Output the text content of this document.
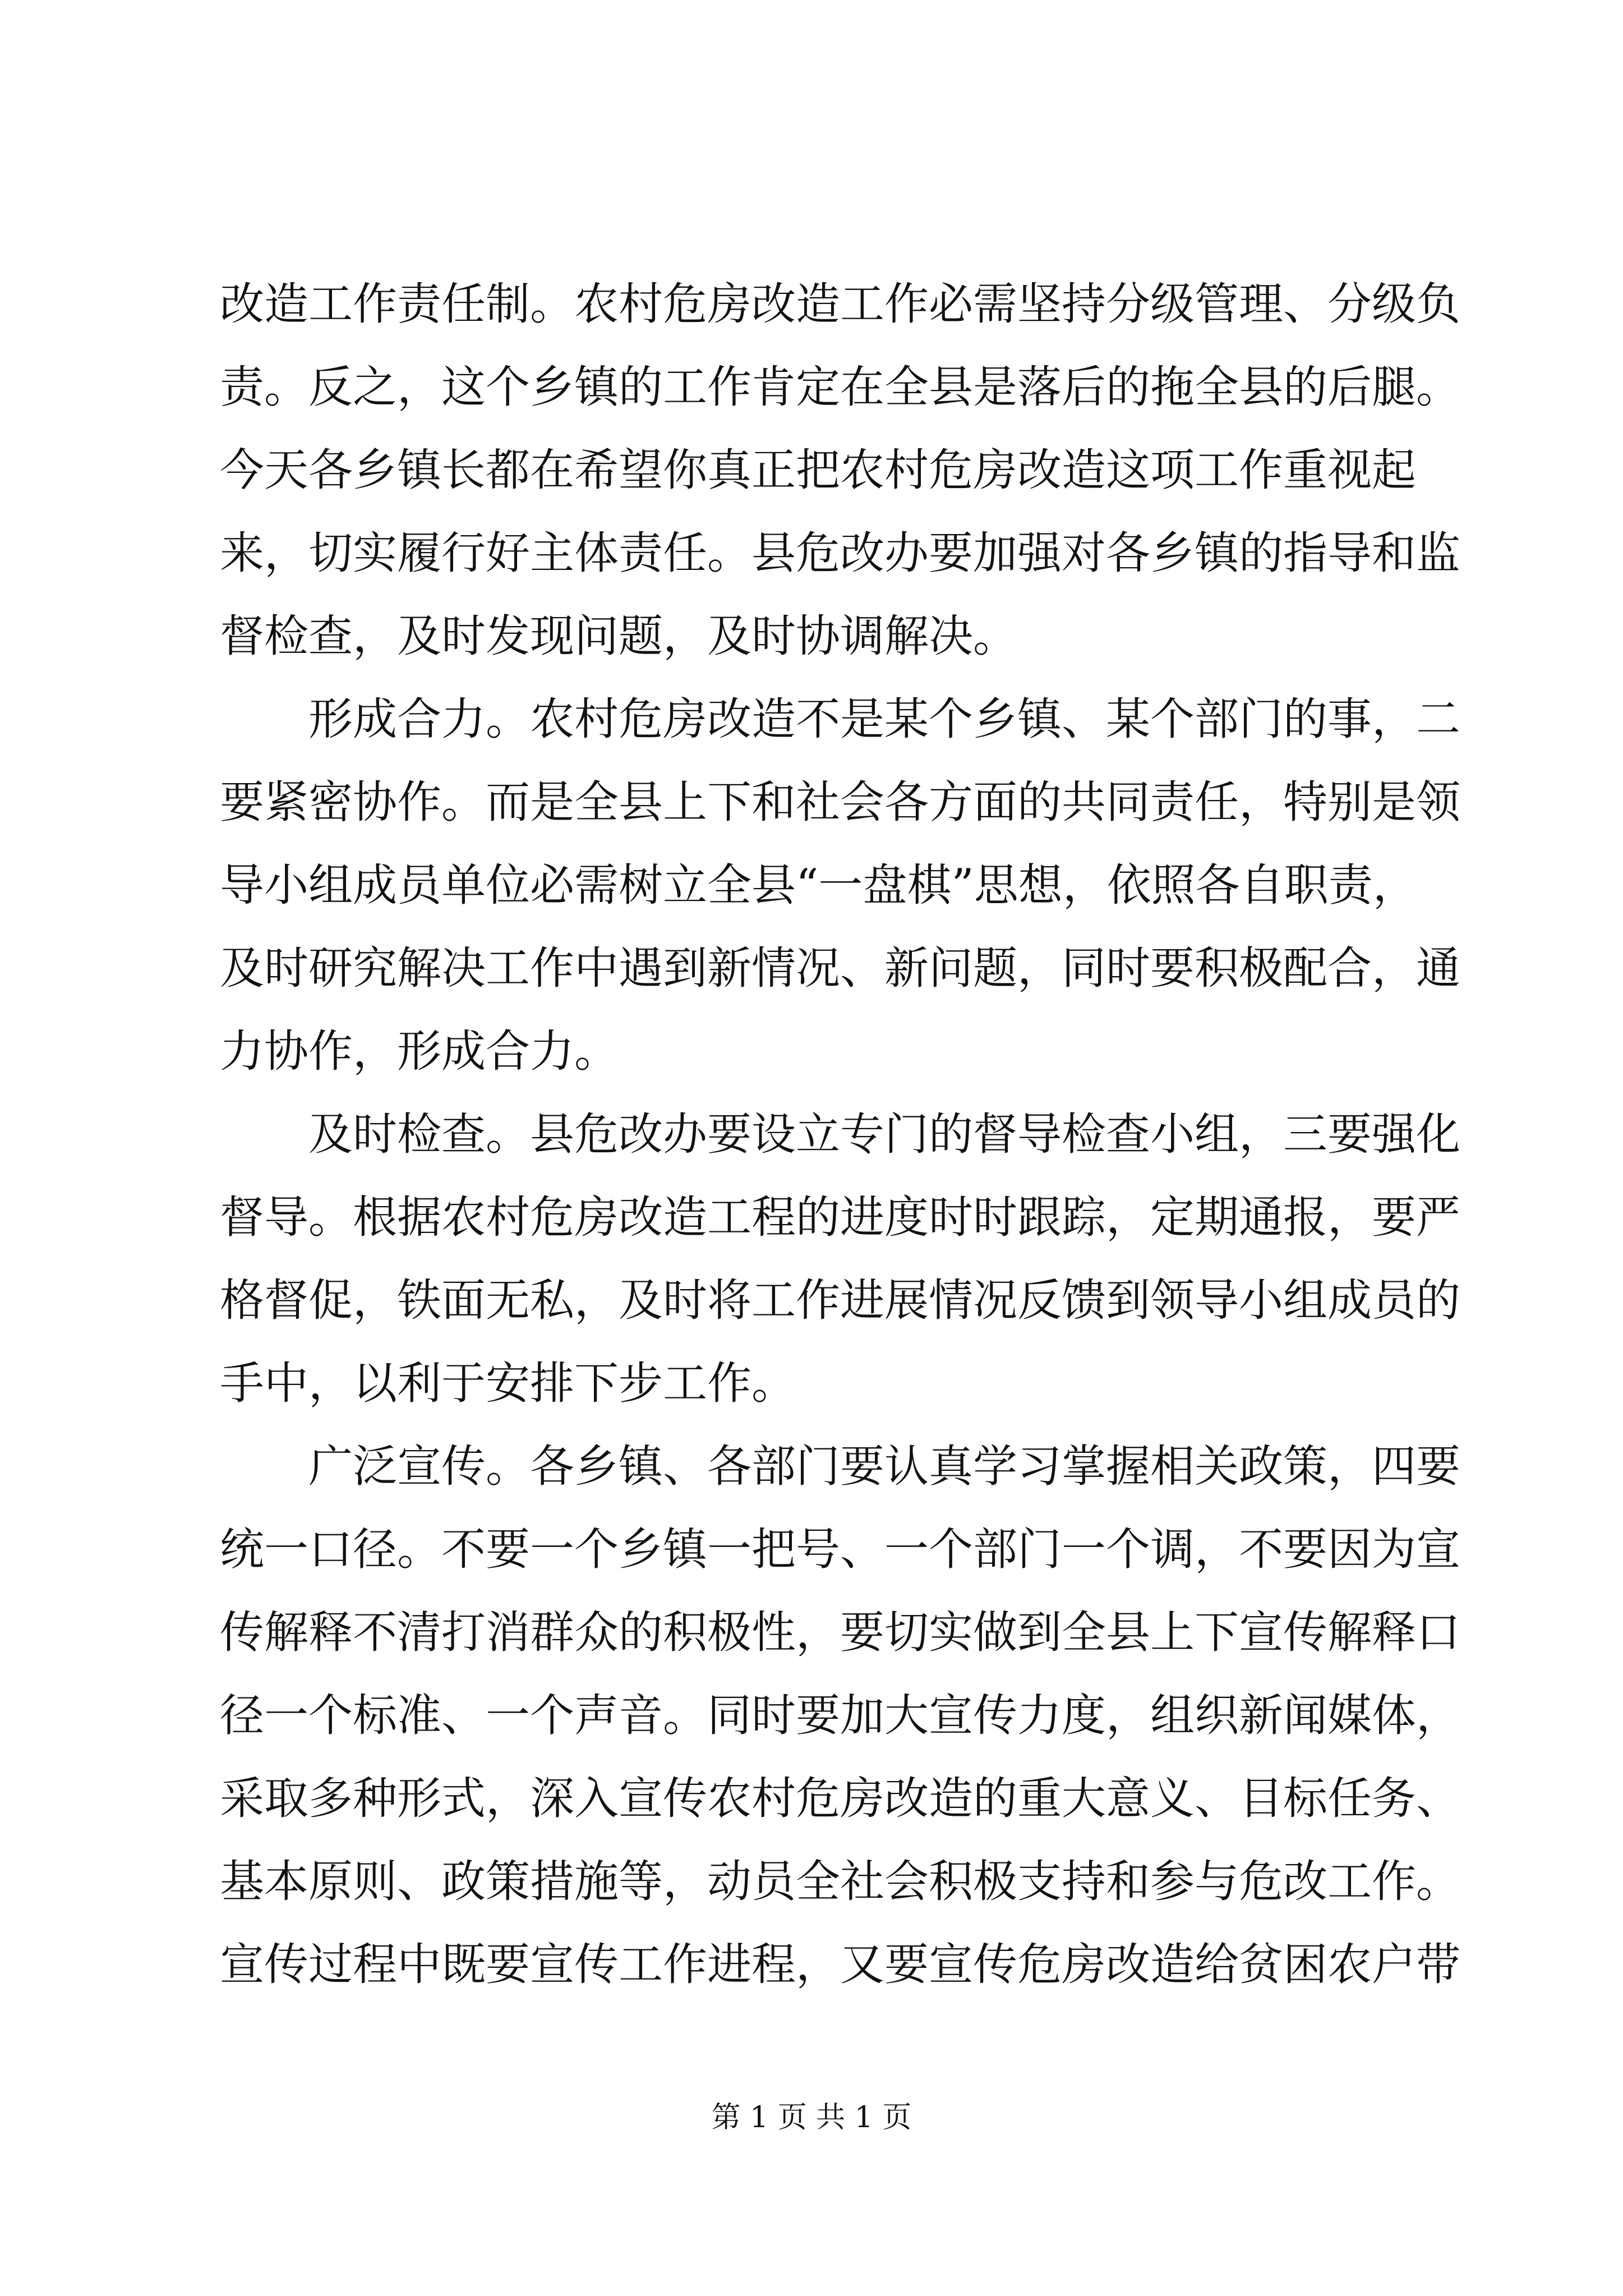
改造工作责任制。农村危房改造工作必需坚持分级管理、分级负
责。反之，这个乡镇的工作肯定在全县是落后的拖全县的后腿。
今天各乡镇长都在希望你真正把农村危房改造这项工作重视起
来，切实履行好主体责任。县危改办要加强对各乡镇的指导和监
督检查，及时发现问题，及时协调解决。
形成合力。农村危房改造不是某个乡镇、某个部门的事，二
要紧密协作。而是全县上下和社会各方面的共同责任，特别是领
导小组成员单位必需树立全县“一盘棋”思想，依照各自职责，
及时研究解决工作中遇到新情况、新问题，同时要积极配合，通
力协作，形成合力。
及时检查。县危改办要设立专门的督导检查小组，三要强化
督导。根据农村危房改造工程的进度时时跟踪，定期通报，要严
格督促，铁面无私，及时将工作进展情况反馈到领导小组成员的
手中，以利于安排下步工作。
广泛宣传。各乡镇、各部门要认真学习掌握相关政策，四要
统一口径。不要一个乡镇一把号、一个部门一个调，不要因为宣
传解释不清打消群众的积极性，要切实做到全县上下宣传解释口
径一个标准、一个声音。同时要加大宣传力度，组织新闻媒体，
采取多种形式，深入宣传农村危房改造的重大意义、目标任务、
基本原则、政策措施等，动员全社会积极支持和参与危改工作。
宣传过程中既要宣传工作进程，又要宣传危房改造给贫困农户带
第 1 页 共 1 页
